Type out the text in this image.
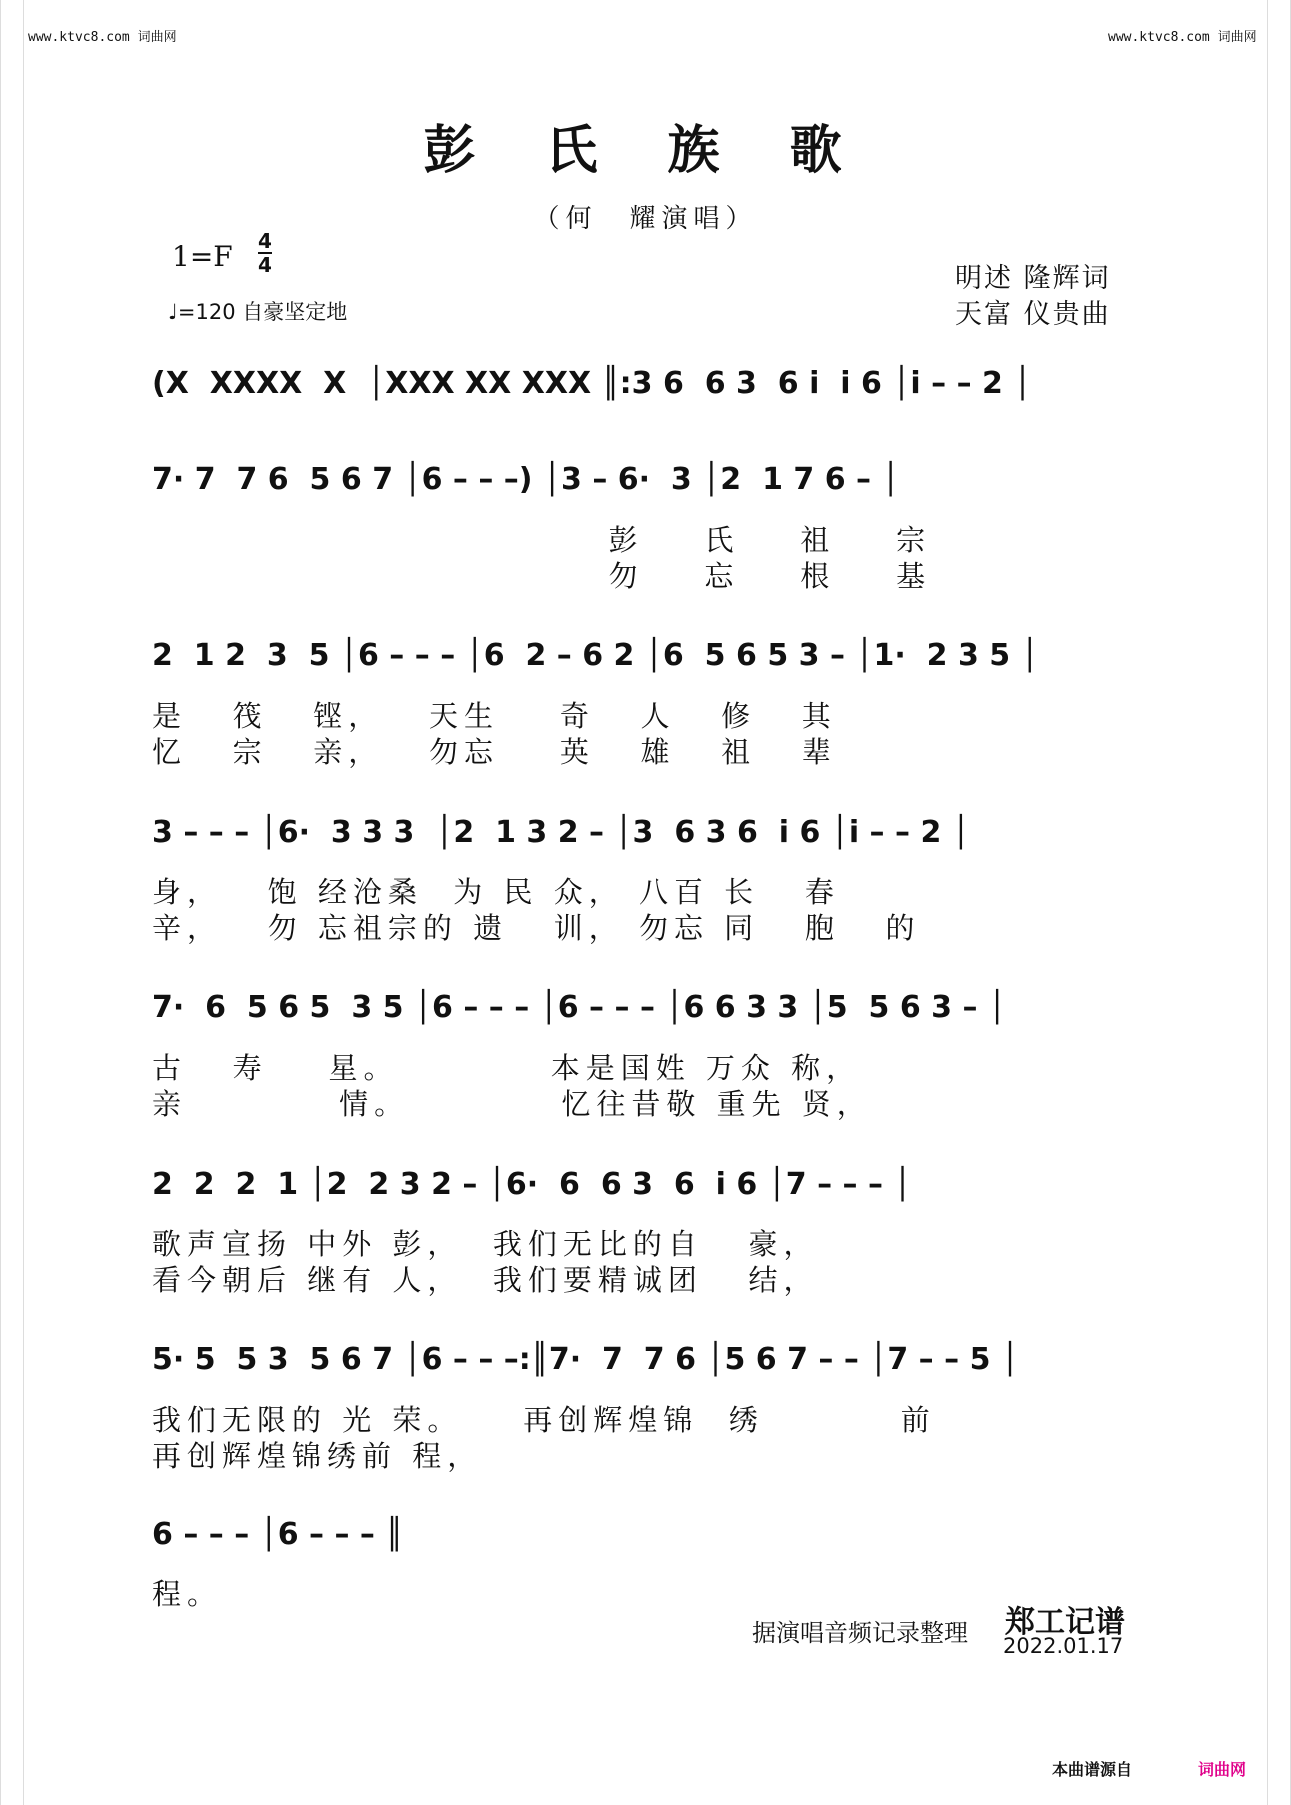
www.ktvc8.com 词曲网	www.ktvc8.com 词曲网
彭 氏 族 歌
（何　耀演唱）
1=F 4
4
♩=120 自豪坚定地
明述 隆辉词
天富 仪贵曲
(X  XXXX  X  │XXX XX XXX ║:3 6  6 3  6 i  i 6 │i – – 2 │
7· 7  7 6  5 6 7 │6 – – –) │3 – 6·  3 │2  1 7 6 – │
彭    氏    祖    宗
勿    忘    根    基
2  1 2  3  5 │6 – – – │6  2 – 6 2 │6  5 6 5 3 – │1·  2 3 5 │
是   筏   铿，   天生    奇   人   修   其
忆   宗   亲，   勿忘    英   雄   祖   辈
3 – – – │6·  3 3 3  │2  1 3 2 – │3  6 3 6  i 6 │i – – 2 │
身，   饱 经沧桑  为 民 众， 八百 长   春
辛，   勿 忘祖宗的 遗   训， 勿忘 同   胞   的
7·  6  5 6 5  3 5 │6 – – – │6 – – – │6 6 3 3 │5  5 6 3 – │
古   寿    星。          本是国姓 万众 称，
亲          情。          忆往昔敬 重先 贤，
2  2  2  1 │2  2 3 2 – │6·  6  6 3  6  i 6 │7 – – – │
歌声宣扬 中外 彭，  我们无比的自   豪，
看今朝后 继有 人，  我们要精诚团   结，
5· 5  5 3  5 6 7 │6 – – –:║7·  7  7 6 │5 6 7 – – │7 – – 5 │
我们无限的 光 荣。    再创辉煌锦  绣         前
再创辉煌锦绣前 程，
6 – – – │6 – – – ║
程。
据演唱音频记录整理 郑工记谱
2022.01.17
本曲谱源自	词曲网
